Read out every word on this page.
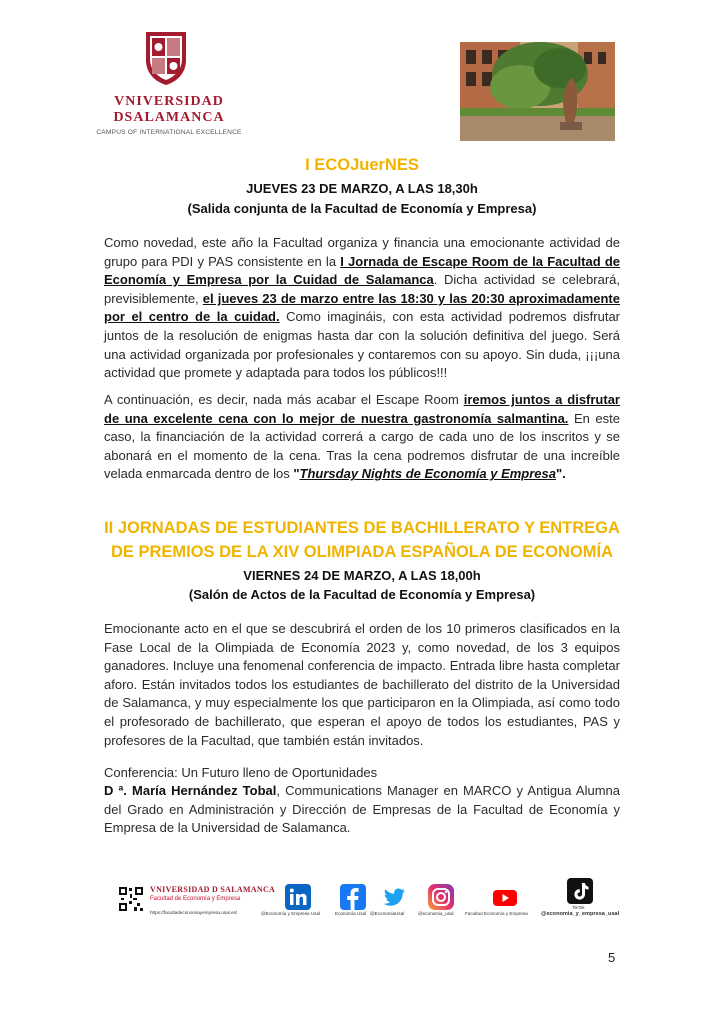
VNIVERSIDAD
DSALAMANCA
CAMPUS OF INTERNATIONAL EXCELLENCE
I ECOJuerNES
JUEVES 23 DE MARZO, A LAS 18,30h
(Salida conjunta de la Facultad de Economía y Empresa)

Como novedad, este año la Facultad organiza y financia una emocionante actividad de grupo para PDI y PAS consistente en la I Jornada de Escape Room de la Facultad de Economía y Empresa por la Cuidad de Salamanca. Dicha actividad se celebrará, previsiblemente, el jueves 23 de marzo entre las 18:30 y las 20:30 aproximadamente por el centro de la cuidad. Como imagináis, con esta actividad podremos disfrutar juntos de la resolución de enigmas hasta dar con la solución definitiva del juego. Será una actividad organizada por profesionales y contaremos con su apoyo. Sin duda, ¡¡¡una actividad que promete y adaptada para todos los públicos!!!

A continuación, es decir, nada más acabar el Escape Room iremos juntos a disfrutar de una excelente cena con lo mejor de nuestra gastronomía salmantina. En este caso, la financiación de la actividad correrá a cargo de cada uno de los inscritos y se abonará en el momento de la cena. Tras la cena podremos disfrutar de una increíble velada enmarcada dentro de los "Thursday Nights de Economía y Empresa".

II JORNADAS DE ESTUDIANTES DE BACHILLERATO Y ENTREGA
DE PREMIOS DE LA XIV OLIMPIADA ESPAÑOLA DE ECONOMÍA
VIERNES 24 DE MARZO, A LAS 18,00h
(Salón de Actos de la Facultad de Economía y Empresa)

Emocionante acto en el que se descubrirá el orden de los 10 primeros clasificados en la Fase Local de la Olimpiada de Economía 2023 y, como novedad, de los 3 equipos ganadores. Incluye una fenomenal conferencia de impacto. Entrada libre hasta completar aforo. Están invitados todos los estudiantes de bachillerato del distrito de la Universidad de Salamanca, y muy especialmente los que participaron en la Olimpiada, así como todo el profesorado de bachillerato, que esperan el apoyo de todos los estudiantes, PAS y profesores de la Facultad, que también están invitados.

Conferencia: Un Futuro lleno de Oportunidades

D ª. María Hernández Tobal, Communications Manager en MARCO y Antigua Alumna del Grado en Administración y Dirección de Empresas de la Facultad de Economía y Empresa de la Universidad de Salamanca.

VNIVERSIDAD D SALAMANCA
Facultad de Economía y Empresa
https://facultadeconomiayempresa.usal.es/	@Economía y Empresa Usal	Economía Usal @EconomiaUsal	@economia_usal Facultad Economía y Empresa
TikTok
@economia_y_empresa_usal
5
